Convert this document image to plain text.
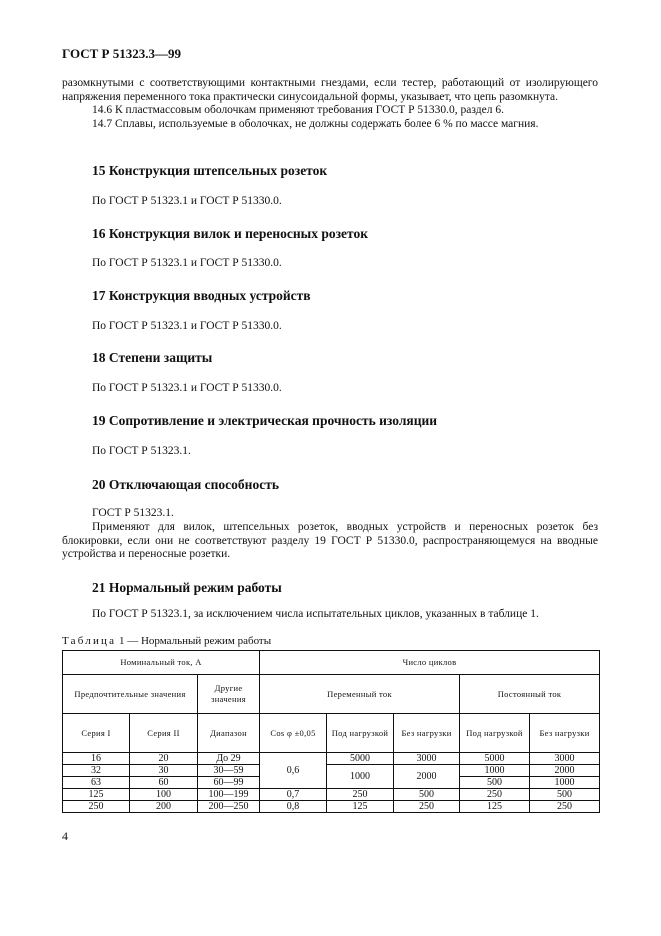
ГОСТ Р 51323.3—99
разомкнутыми с соответствующими контактными гнездами, если тестер, работающий от изолирующего напряжения переменного тока практически синусоидальной формы, указывает, что цепь разомкнута.
14.6 К пластмассовым оболочкам применяют требования ГОСТ Р 51330.0, раздел 6.
14.7 Сплавы, используемые в оболочках, не должны содержать более 6 % по массе магния.
15 Конструкция штепсельных розеток
По ГОСТ Р 51323.1 и ГОСТ Р 51330.0.
16 Конструкция вилок и переносных розеток
По ГОСТ Р 51323.1 и ГОСТ Р 51330.0.
17 Конструкция вводных устройств
По ГОСТ Р 51323.1 и ГОСТ Р 51330.0.
18 Степени защиты
По ГОСТ Р 51323.1 и ГОСТ Р 51330.0.
19 Сопротивление и электрическая прочность изоляции
По ГОСТ Р 51323.1.
20 Отключающая способность
ГОСТ Р 51323.1.
Применяют для вилок, штепсельных розеток, вводных устройств и переносных розеток без блокировки, если они не соответствуют разделу 19 ГОСТ Р 51330.0, распространяющемуся на вводные устройства и переносные розетки.
21 Нормальный режим работы
По ГОСТ Р 51323.1, за исключением числа испытательных циклов, указанных в таблице 1.
Таблица 1 — Нормальный режим работы
Номинальный ток, А			Число циклов				
Предпочтительные значения		Другие значения	Переменный ток			Постоянный ток	
Серия I	Серия II	Диапазон	Cos φ ±0,05	Под нагрузкой	Без нагрузки	Под нагрузкой	Без нагрузки
16	20	До 29	0,6	5000	3000	5000	3000
32	30	30—59		1000	2000	1000	2000
63	60	60—99				500	1000
125	100	100—199	0,7	250	500	250	500
250	200	200—250	0,8	125	250	125	250
4
